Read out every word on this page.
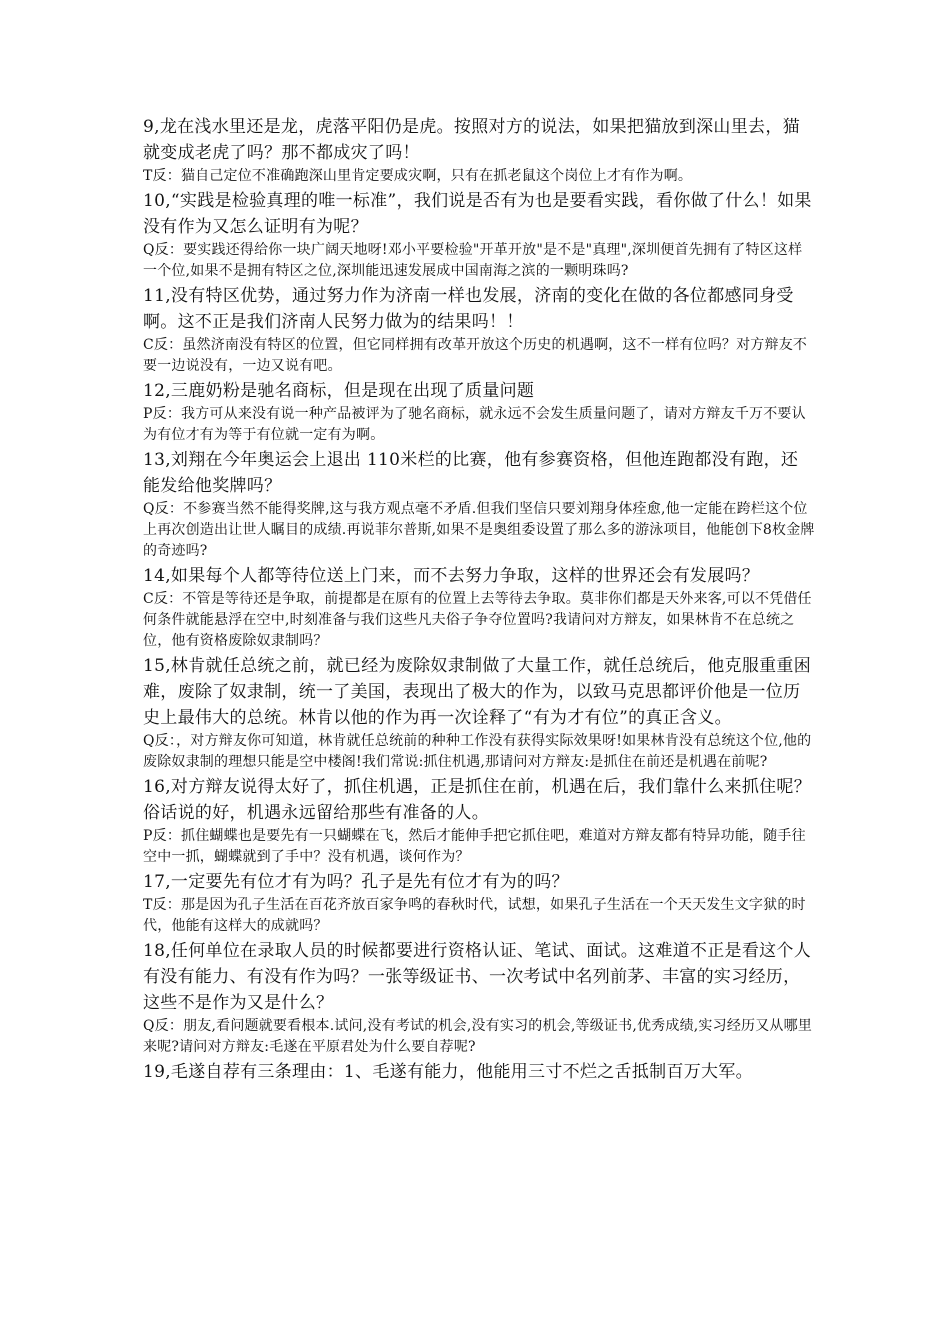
9,龙在浅水里还是龙，虎落平阳仍是虎。按照对方的说法，如果把猫放到深山里去，猫就变成老虎了吗？那不都成灾了吗！

T反：猫自己定位不准确跑深山里肯定要成灾啊，只有在抓老鼠这个岗位上才有作为啊。

10,“实践是检验真理的唯一标准”，我们说是否有为也是要看实践，看你做了什么！如果没有作为又怎么证明有为呢？

Q反：要实践还得给你一块广阔天地呀!邓小平要检验"开革开放"是不是"真理",深圳便首先拥有了特区这样一个位,如果不是拥有特区之位,深圳能迅速发展成中国南海之滨的一颗明珠吗?

11,没有特区优势，通过努力作为济南一样也发展，济南的变化在做的各位都感同身受啊。这不正是我们济南人民努力做为的结果吗！！

C反：虽然济南没有特区的位置，但它同样拥有改革开放这个历史的机遇啊，这不一样有位吗？对方辩友不要一边说没有，一边又说有吧。

12,三鹿奶粉是驰名商标，但是现在出现了质量问题

P反：我方可从来没有说一种产品被评为了驰名商标，就永远不会发生质量问题了，请对方辩友千万不要认为有位才有为等于有位就一定有为啊。

13,刘翔在今年奥运会上退出 110米栏的比赛，他有参赛资格，但他连跑都没有跑，还能发给他奖牌吗？

Q反：不参赛当然不能得奖牌,这与我方观点毫不矛盾.但我们坚信只要刘翔身体痊愈,他一定能在跨栏这个位上再次创造出让世人瞩目的成绩.再说菲尔普斯,如果不是奥组委设置了那么多的游泳项目，他能创下8枚金牌的奇迹吗?

14,如果每个人都等待位送上门来，而不去努力争取，这样的世界还会有发展吗？

C反：不管是等待还是争取，前提都是在原有的位置上去等待去争取。莫非你们都是天外来客,可以不凭借任何条件就能悬浮在空中,时刻准备与我们这些凡夫俗子争夺位置吗?我请问对方辩友，如果林肯不在总统之位，他有资格废除奴隶制吗？

15,林肯就任总统之前，就已经为废除奴隶制做了大量工作，就任总统后，他克服重重困难，废除了奴隶制，统一了美国，表现出了极大的作为，以致马克思都评价他是一位历史上最伟大的总统。林肯以他的作为再一次诠释了“有为才有位”的真正含义。

Q反：，对方辩友你可知道，林肯就任总统前的种种工作没有获得实际效果呀!如果林肯没有总统这个位,他的废除奴隶制的理想只能是空中楼阁!我们常说:抓住机遇,那请问对方辩友:是抓住在前还是机遇在前呢?

16,对方辩友说得太好了，抓住机遇，正是抓住在前，机遇在后，我们靠什么来抓住呢？俗话说的好，机遇永远留给那些有准备的人。

P反：抓住蝴蝶也是要先有一只蝴蝶在飞，然后才能伸手把它抓住吧，难道对方辩友都有特异功能，随手往空中一抓，蝴蝶就到了手中？没有机遇，谈何作为？

17,一定要先有位才有为吗？孔子是先有位才有为的吗？

T反：那是因为孔子生活在百花齐放百家争鸣的春秋时代，试想，如果孔子生活在一个天天发生文字狱的时代，他能有这样大的成就吗？

18,任何单位在录取人员的时候都要进行资格认证、笔试、面试。这难道不正是看这个人有没有能力、有没有作为吗？一张等级证书、一次考试中名列前茅、丰富的实习经历，这些不是作为又是什么？

Q反：朋友,看问题就要看根本.试问,没有考试的机会,没有实习的机会,等级证书,优秀成绩,实习经历又从哪里来呢?请问对方辩友:毛遂在平原君处为什么要自荐呢?

19,毛遂自荐有三条理由：1、毛遂有能力，他能用三寸不烂之舌抵制百万大军。
